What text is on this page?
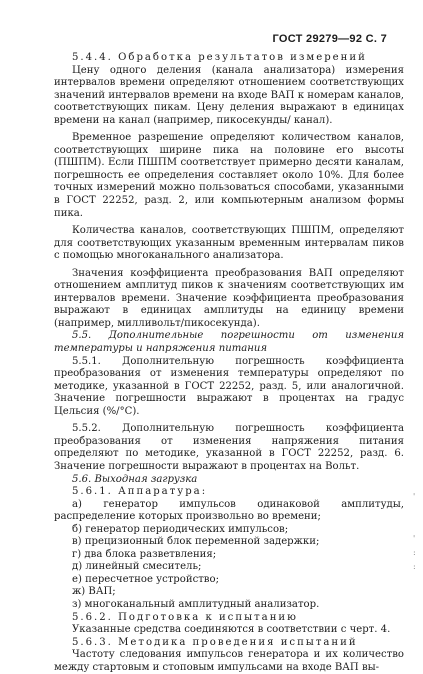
ГОСТ 29279—92 С. 7

5.4.4. Обработка результатов измерений

Цену одного деления (канала анализатора) измерения интервалов времени определяют отношением соответствующих значений интервалов времени на входе ВАП к номерам каналов, соответствующих пикам. Цену деления выражают в единицах времени на канал (например, пикосекунды/ канал).

Временное разрешение определяют количеством каналов, соответствующих ширине пика на половине его высоты (ПШПМ). Если ПШПМ соответствует примерно десяти каналам, погрешность ее определения составляет около 10%. Для более точных измерений можно пользоваться способами, указанными в ГОСТ 22252, разд. 2, или компьютерным анализом формы пика.

Количества каналов, соответствующих ПШПМ, определяют для соответствующих указанным временным интервалам пиков с помощью многоканального анализатора.

Значения коэффициента преобразования ВАП определяют отношением амплитуд пиков к значениям соответствующих им интервалов времени. Значение коэффициента преобразования выражают в единицах амплитуды на единицу времени (например, милливольт/пикосекунда).

5.5. Дополнительные погрешности от изменения температуры и напряжения питания

5.5.1. Дополнительную погрешность коэффициента преобразования от изменения температуры определяют по методике, указанной в ГОСТ 22252, разд. 5, или аналогичной. Значение погрешности выражают в процентах на градус Цельсия (%/°С).

5.5.2. Дополнительную погрешность коэффициента преобразования от изменения напряжения питания определяют по методике, указанной в ГОСТ 22252, разд. 6. Значение погрешности выражают в процентах на Вольт.

5.6. Выходная загрузка

5.6.1. Аппаратура:

а) генератор импульсов одинаковой амплитуды, распределение которых произвольно во времени;

б) генератор периодических импульсов;

в) прецизионный блок переменной задержки;

г) два блока разветвления;

д) линейный смеситель;

е) пересчетное устройство;

ж) ВАП;

з) многоканальный амплитудный анализатор.

5.6.2. Подготовка к испытанию

Указанные средства соединяются в соответствии с черт. 4.

5.6.3. Методика проведения испытаний

Частоту следования импульсов генератора и их количество между стартовым и стоповым импульсами на входе ВАП вы-

'

'
:
:
